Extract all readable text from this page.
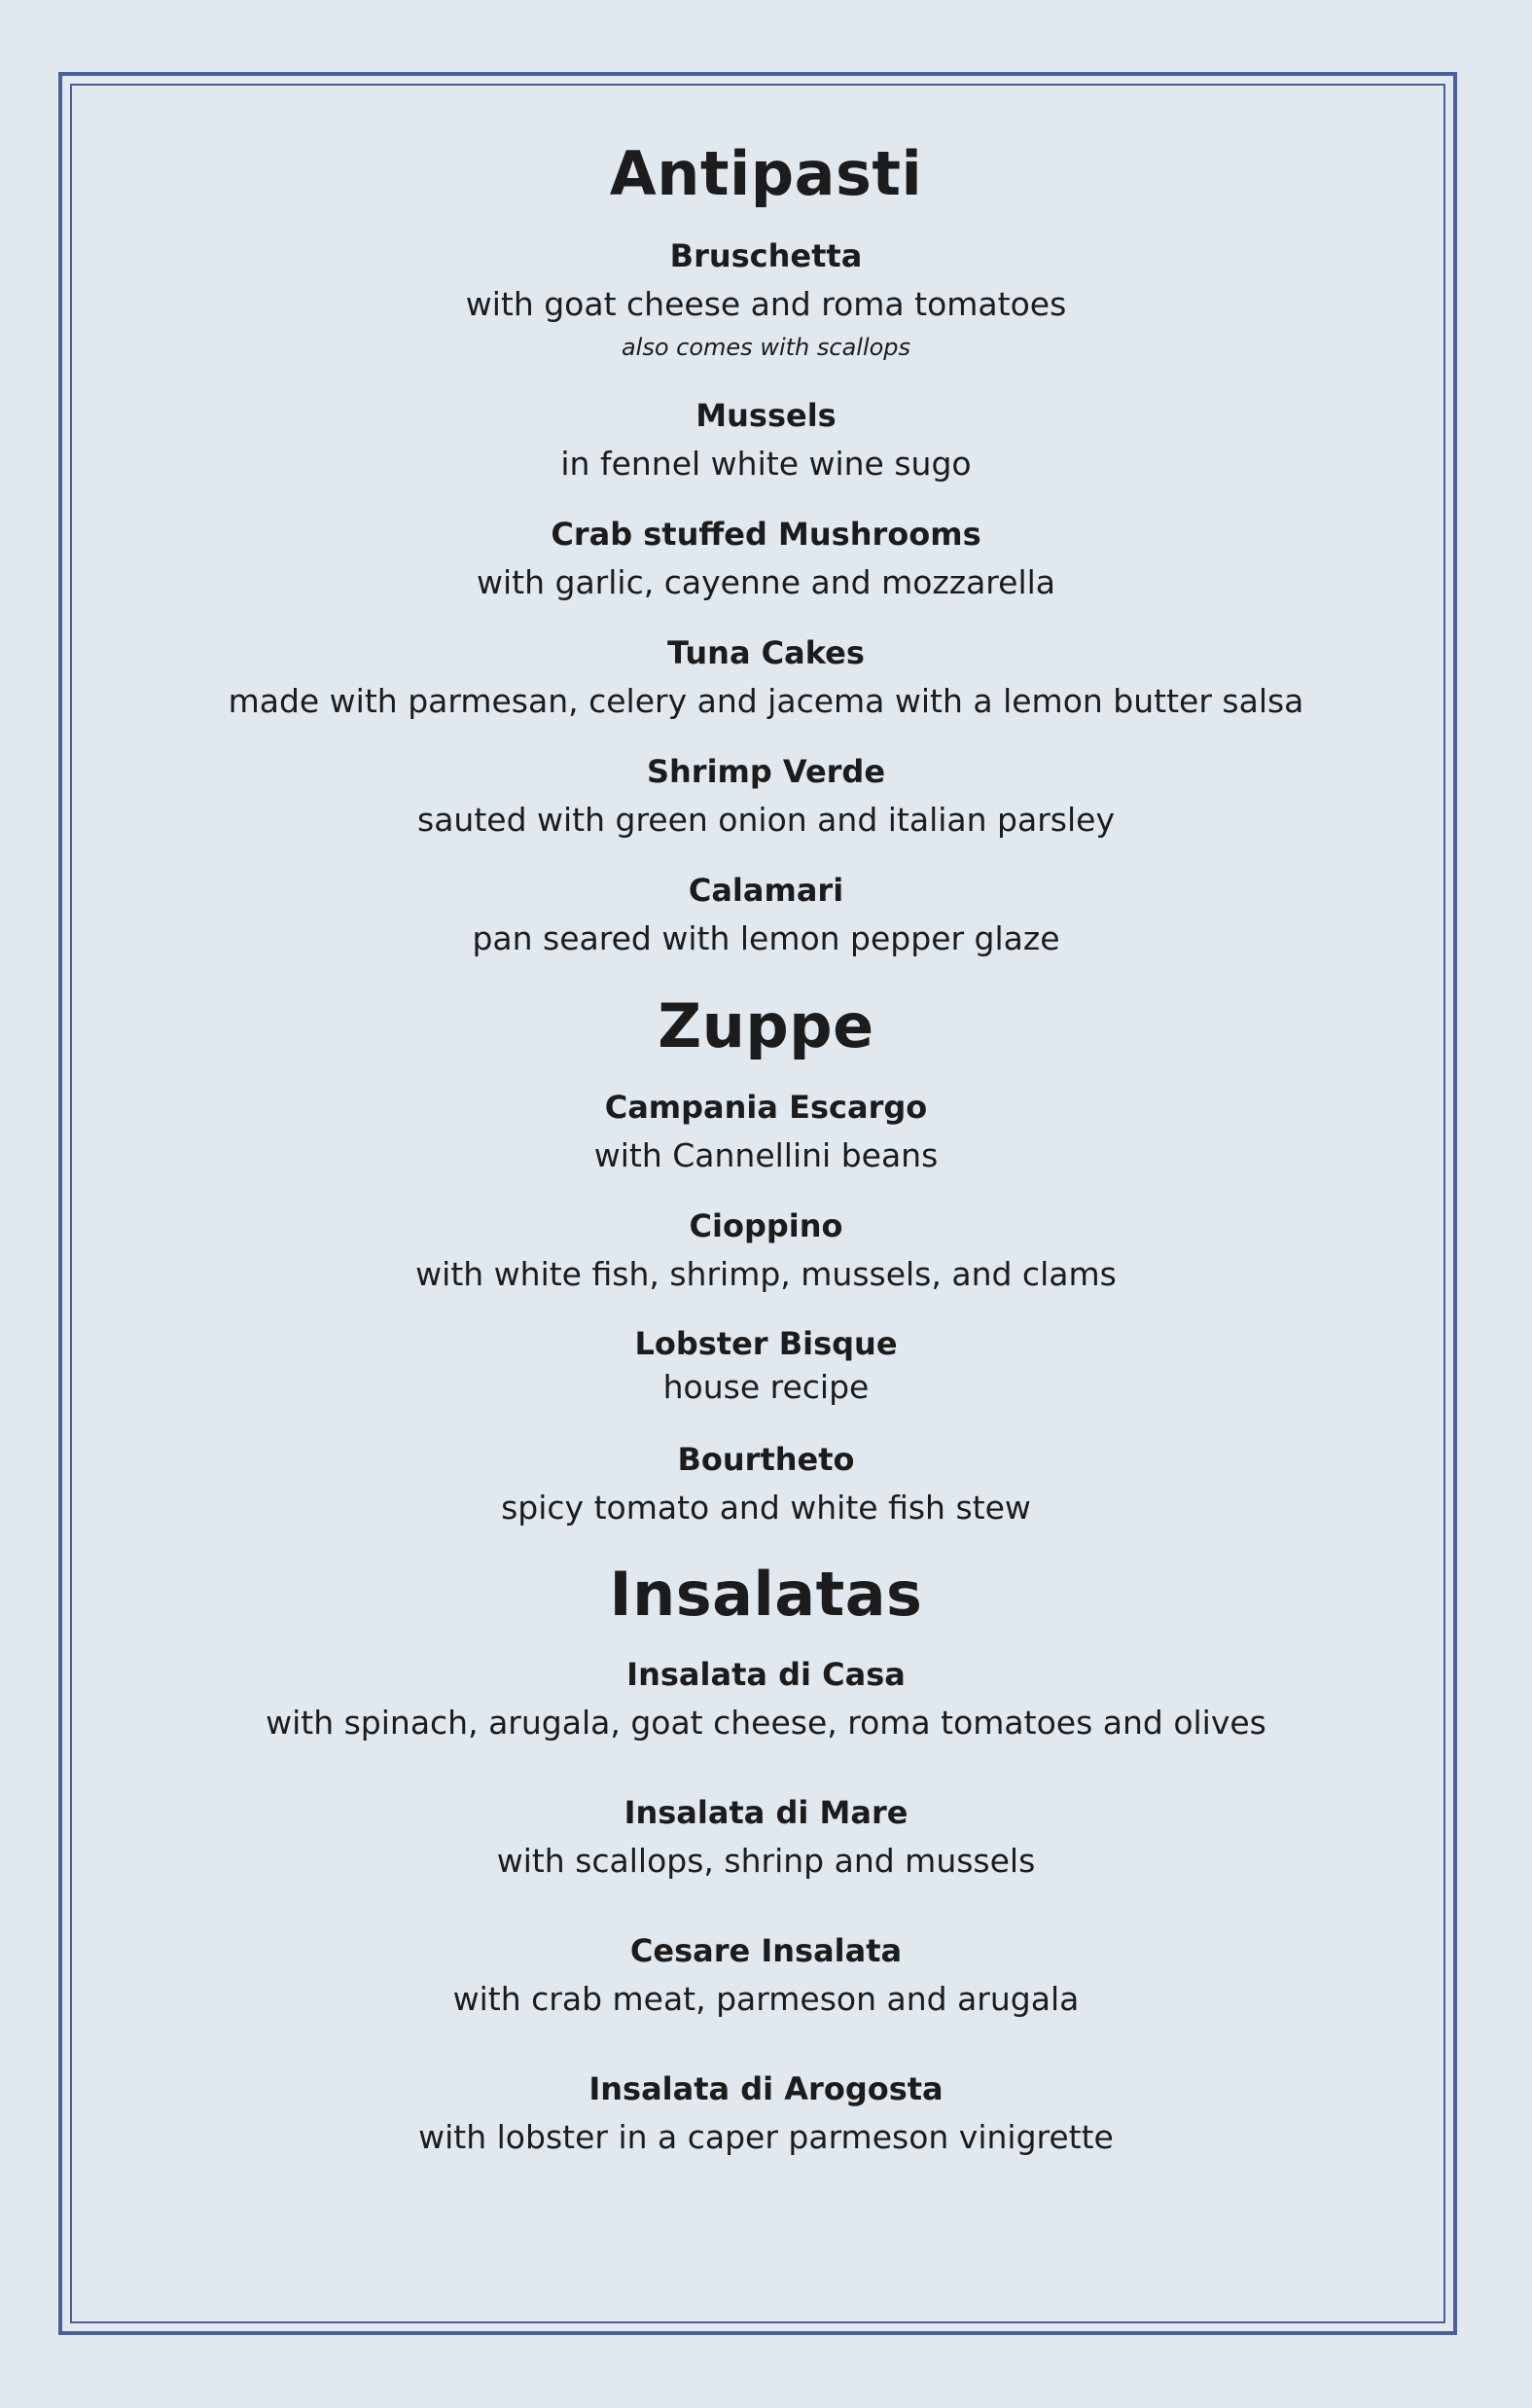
Antipasti
Bruschetta
with goat cheese and roma tomatoes
also comes with scallops
Mussels
in fennel white wine sugo
Crab stuffed Mushrooms
with garlic, cayenne and mozzarella
Tuna Cakes
made with parmesan, celery and jacema with a lemon butter salsa
Shrimp Verde
sauted with green onion and italian parsley
Calamari
pan seared with lemon pepper glaze
Zuppe
Campania Escargo
with Cannellini beans
Cioppino
with white fish, shrimp, mussels, and clams
Lobster Bisque
house recipe
Bourtheto
spicy tomato and white fish stew
Insalatas
Insalata di Casa
with spinach, arugala, goat cheese, roma tomatoes and olives
Insalata di Mare
with scallops, shrinp and mussels
Cesare Insalata
with crab meat, parmeson and arugala
Insalata di Arogosta
with lobster in a caper parmeson vinigrette
